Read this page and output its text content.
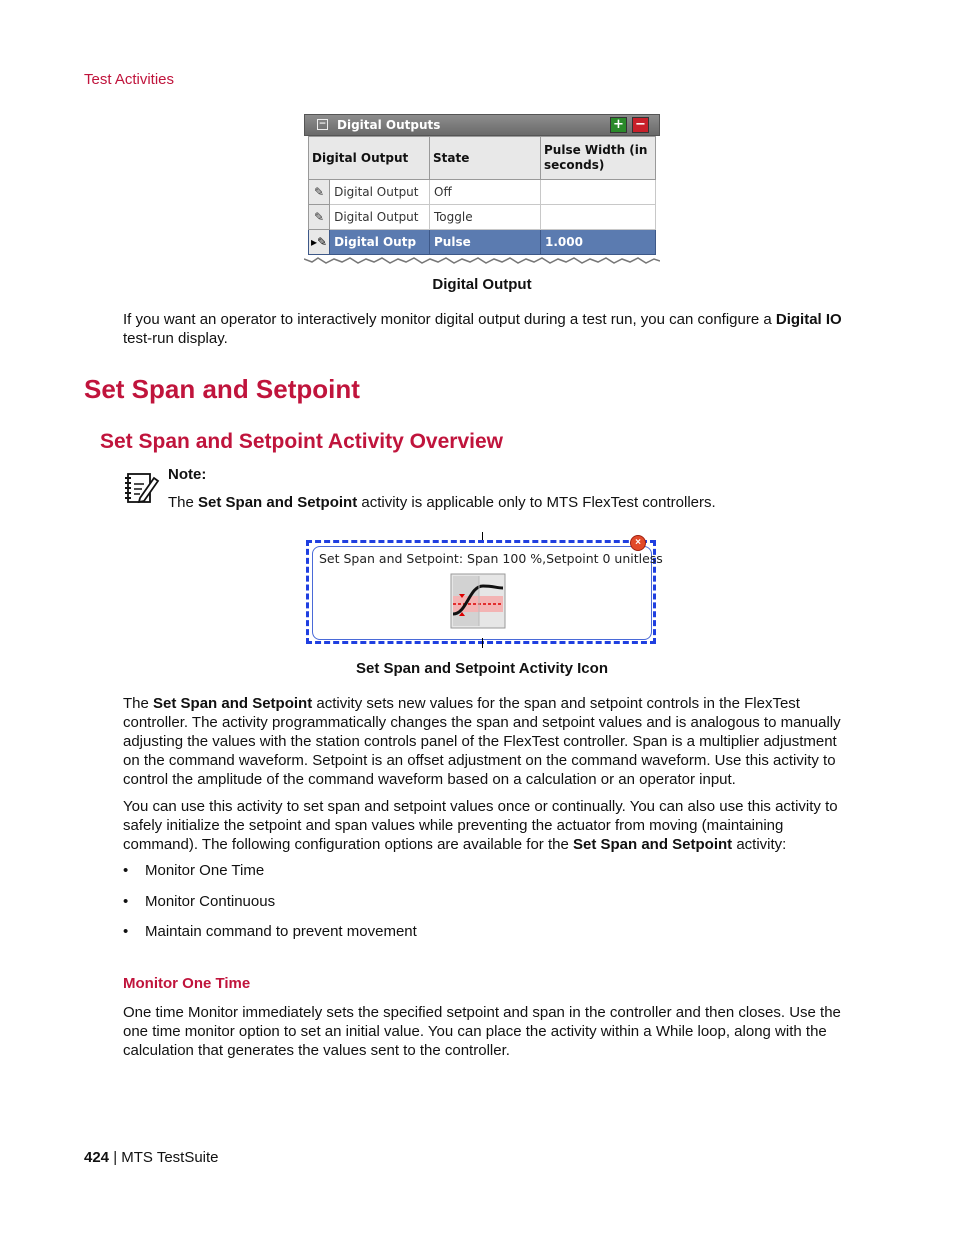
Test Activities
− Digital Outputs	+ −
Digital Output		State	Pulse Width (in seconds)
✎	Digital Output	Off	
✎	Digital Output	Toggle	
▸✎	Digital Outp	Pulse	1.000
Digital Output
If you want an operator to interactively monitor digital output during a test run, you can configure a Digital IO test-run display.
Set Span and Setpoint
Set Span and Setpoint Activity Overview
Note:
The Set Span and Setpoint activity is applicable only to MTS FlexTest controllers.
Set Span and Setpoint: Span 100 %,Setpoint 0 unitless
×
Set Span and Setpoint Activity Icon
The Set Span and Setpoint activity sets new values for the span and setpoint controls in the FlexTest controller. The activity programmatically changes the span and setpoint values and is analogous to manually adjusting the values with the station controls panel of the FlexTest controller. Span is a multiplier adjustment on the command waveform. Setpoint is an offset adjustment on the command waveform. Use this activity to control the amplitude of the command waveform based on a calculation or an operator input.
You can use this activity to set span and setpoint values once or continually. You can also use this activity to safely initialize the setpoint and span values while preventing the actuator from moving (maintaining command). The following configuration options are available for the Set Span and Setpoint activity:
• Monitor One Time
• Monitor Continuous
• Maintain command to prevent movement
Monitor One Time
One time Monitor immediately sets the specified setpoint and span in the controller and then closes. Use the one time monitor option to set an initial value. You can place the activity within a While loop, along with the calculation that generates the values sent to the controller.
424 | MTS TestSuite
